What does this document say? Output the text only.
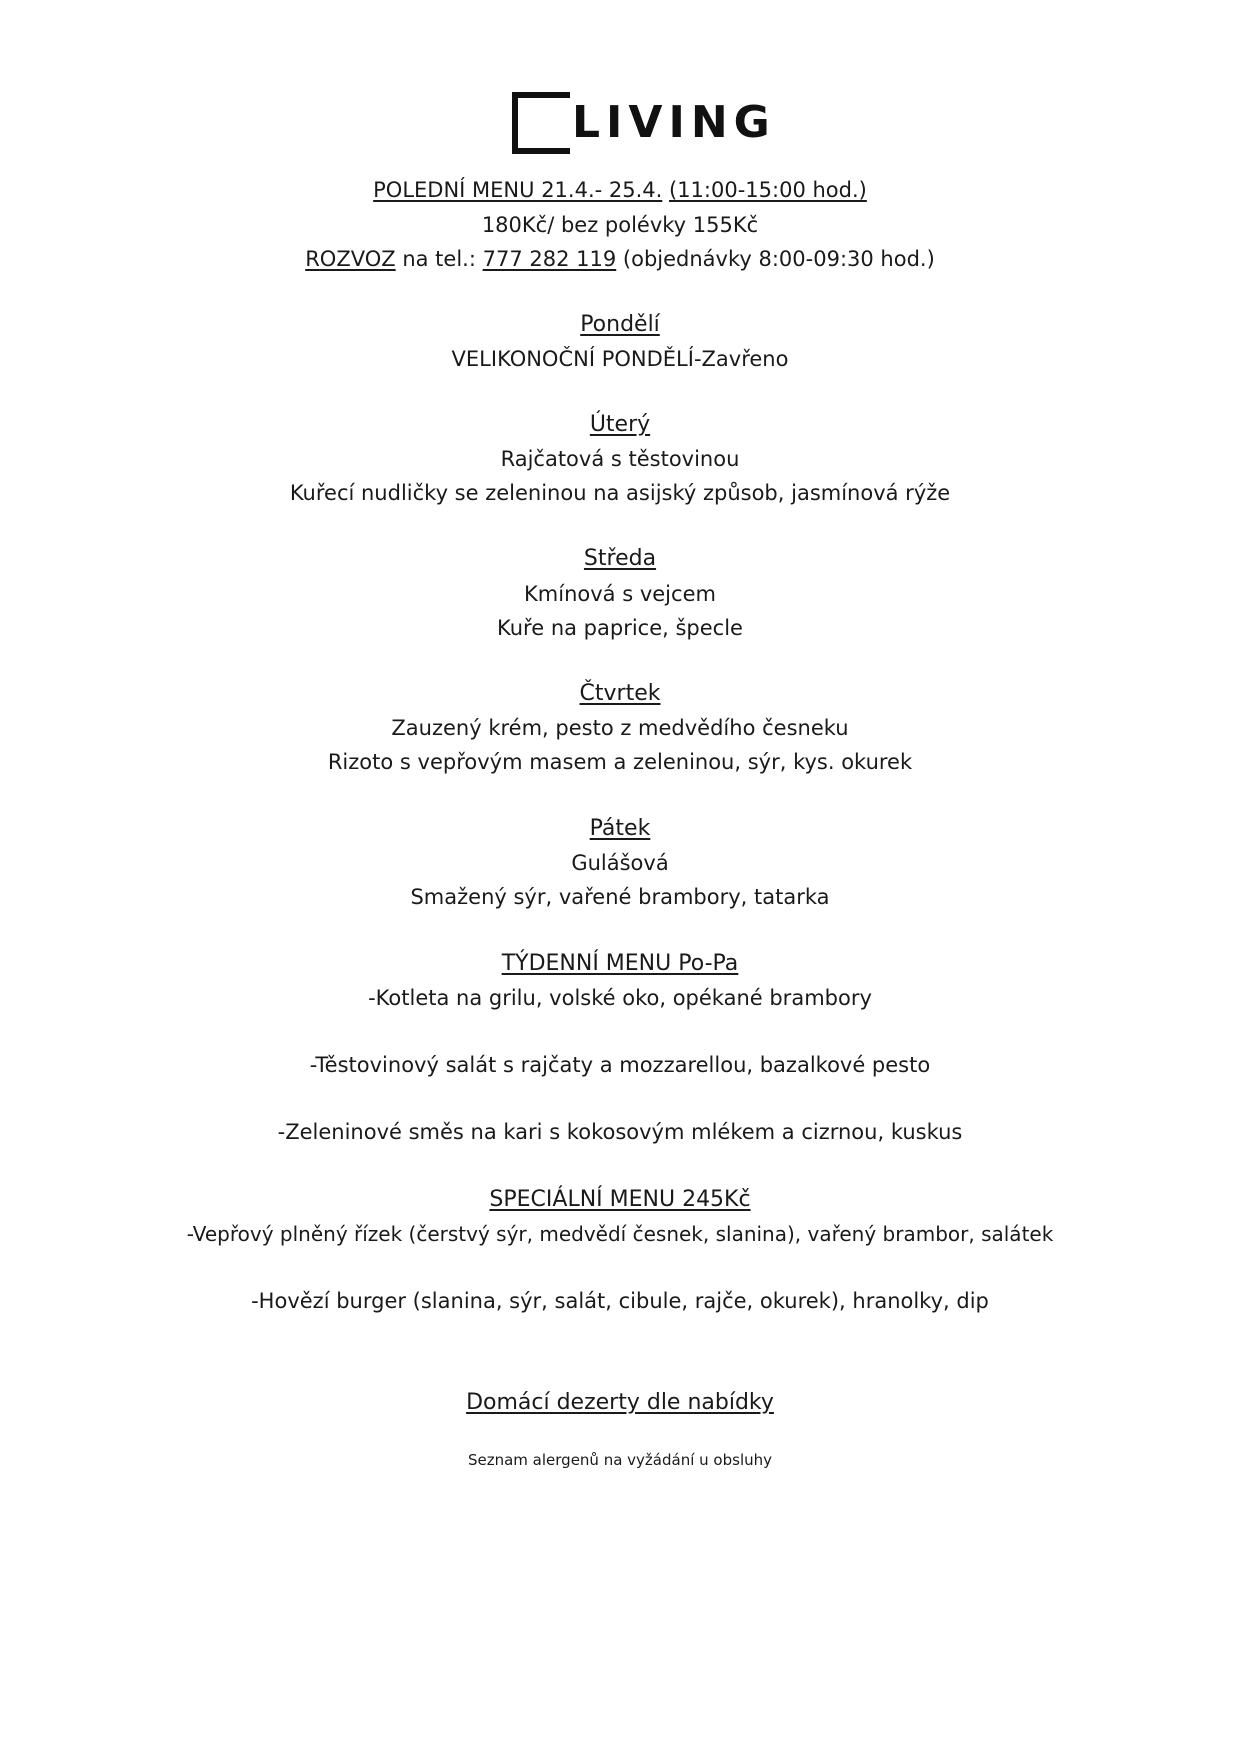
LIVING
POLEDNÍ MENU 21.4.- 25.4. (11:00-15:00 hod.)
180Kč/ bez polévky 155Kč
ROZVOZ na tel.: 777 282 119 (objednávky 8:00-09:30 hod.)
Pondělí
VELIKONOČNÍ PONDĚLÍ-Zavřeno
Úterý
Rajčatová s těstovinou
Kuřecí nudličky se zeleninou na asijský způsob, jasmínová rýže
Středa
Kmínová s vejcem
Kuře na paprice, špecle
Čtvrtek
Zauzený krém, pesto z medvědího česneku
Rizoto s vepřovým masem a zeleninou, sýr, kys. okurek
Pátek
Gulášová
Smažený sýr, vařené brambory, tatarka
TÝDENNÍ MENU Po-Pa
-Kotleta na grilu, volské oko, opékané brambory
-Těstovinový salát s rajčaty a mozzarellou, bazalkové pesto
-Zeleninové směs na kari s kokosovým mlékem a cizrnou, kuskus
SPECIÁLNÍ MENU 245Kč
-Vepřový plněný řízek (čerstvý sýr, medvědí česnek, slanina), vařený brambor, salátek
-Hovězí burger (slanina, sýr, salát, cibule, rajče, okurek), hranolky, dip
Domácí dezerty dle nabídky
Seznam alergenů na vyžádání u obsluhy
